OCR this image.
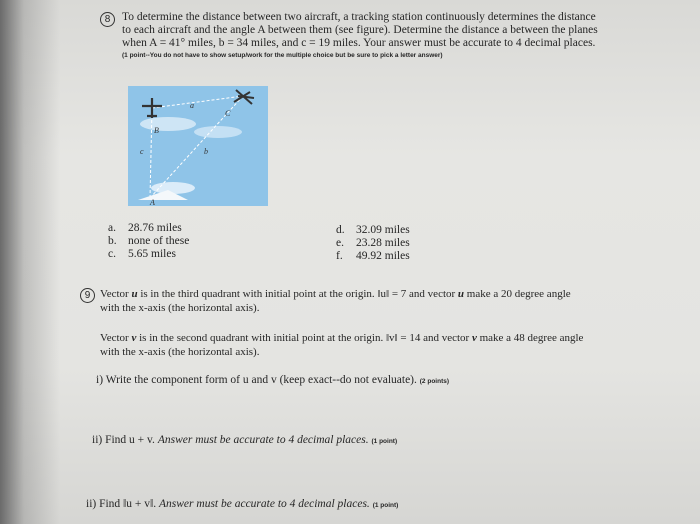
8	To determine the distance between two aircraft, a tracking station continuously determines the distance
to each aircraft and the angle A between them (see figure). Determine the distance a between the planes
when A = 41° miles, b = 34 miles, and c = 19 miles. Your answer must be accurate to 4 decimal places.
(1 point--You do not have to show setup/work for the multiple choice but be sure to pick a letter answer)
a
b
c
B
C
A
a. 28.76 miles
b. none of these
c. 5.65 miles
d. 32.09 miles
e. 23.28 miles
f. 49.92 miles
9 Vector u is in the third quadrant with initial point at the origin. ‖u‖ = 7 and vector u make a 20 degree angle
with the x-axis (the horizontal axis).
Vector v is in the second quadrant with initial point at the origin. ‖v‖ = 14 and vector v make a 48 degree angle
with the x-axis (the horizontal axis).
i) Write the component form of u and v (keep exact--do not evaluate). (2 points)
ii) Find u + v. Answer must be accurate to 4 decimal places. (1 point)
ii) Find ‖u + v‖. Answer must be accurate to 4 decimal places. (1 point)
